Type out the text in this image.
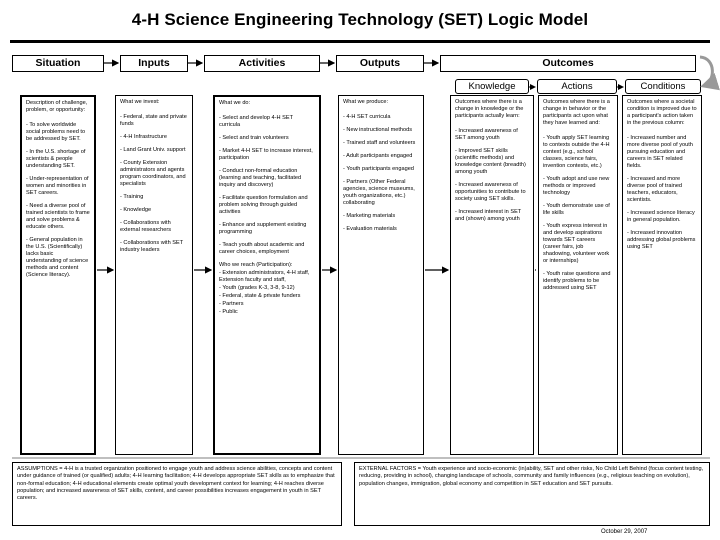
4-H Science Engineering Technology (SET) Logic Model
Situation	Inputs	Activities	Outputs	Outcomes
Knowledge	Actions	Conditions

Description of challenge, problem, or opportunity:

- To solve worldwide social problems need to be addressed by SET.

- In the U.S. shortage of scientists & people understanding SET.

- Under-representation of women and minorities in SET careers.

- Need a diverse pool of trained scientists to frame and solve problems & educate others.

- General population in the U.S. (Scientifically) lacks basic understanding of science methods and content (Science literacy).

What we invest:

- Federal, state and private funds

- 4-H Infrastructure

- Land Grant Univ. support

- County Extension administrators and agents program coordinators, and specialists

- Training

- Knowledge

- Collaborations with external researchers

- Collaborations with SET industry leaders

What we do:

- Select and develop 4-H SET curricula

- Select and train volunteers

- Market 4-H SET to increase interest, participation

- Conduct non-formal education (learning and teaching, facilitated inquiry and discovery)

- Facilitate question formulation and problem solving through guided activities

- Enhance and supplement existing programming

- Teach youth about academic and career choices, employment

Who we reach (Participation):

- Extension administrators, 4-H staff, Extension faculty and staff,

- Youth (grades K-3, 3-8, 9-12)

- Federal, state & private funders

- Partners

- Public

What we produce:

- 4-H SET curricula

- New instructional methods

- Trained staff and volunteers

- Adult participants engaged

- Youth participants engaged

- Partners (Other Federal agencies, science museums, youth organizations, etc.) collaborating

- Marketing materials

- Evaluation materials

Outcomes where there is a change in knowledge or the participants actually learn:

- Increased awareness of SET among youth

- Improved SET skills (scientific methods) and knowledge content (breadth) among youth

- Increased awareness of opportunities to contribute to society using SET skills.

- Increased interest in SET and (shown) among youth

Outcomes where there is a change in behavior or the participants act upon what they have learned and:

- Youth apply SET learning to contexts outside the 4-H context (e.g., school classes, science fairs, invention contests, etc.)

- Youth adopt and use new methods or improved technology

- Youth demonstrate use of life skills

- Youth express interest in and develop aspirations towards SET careers (career fairs, job shadowing, volunteer work or internships)

- Youth raise questions and identify problems to be addressed using SET

Outcomes where a societal condition is improved due to a participant's action taken in the previous column:

- Increased number and more diverse pool of youth pursuing education and careers in SET related fields.

- Increased and more diverse pool of trained teachers, educators, scientists.

- Increased science literacy in general population.

- Increased innovation addressing global problems using SET

ASSUMPTIONS = 4-H is a trusted organization positioned to engage youth and address science abilities, concepts and content under guidance of trained (or qualified) adults; 4-H learning facilitation; 4-H develops appropriate SET skills as to emphasize that non-formal education; 4-H educational elements create optimal youth development context for learning; 4-H reaches diverse population; and increased awareness of SET skills, content, and career possibilities increases engagement in youth in SET careers.

EXTERNAL FACTORS = Youth experience and socio-economic (in)ability, SET and other risks, No Child Left Behind (focus content testing, reducing, providing in school), changing landscape of schools, community and family influences (e.g., religious teaching on evolution), population changes, immigration, global economy and competition in SET education and SET pursuits.

October 29, 2007
